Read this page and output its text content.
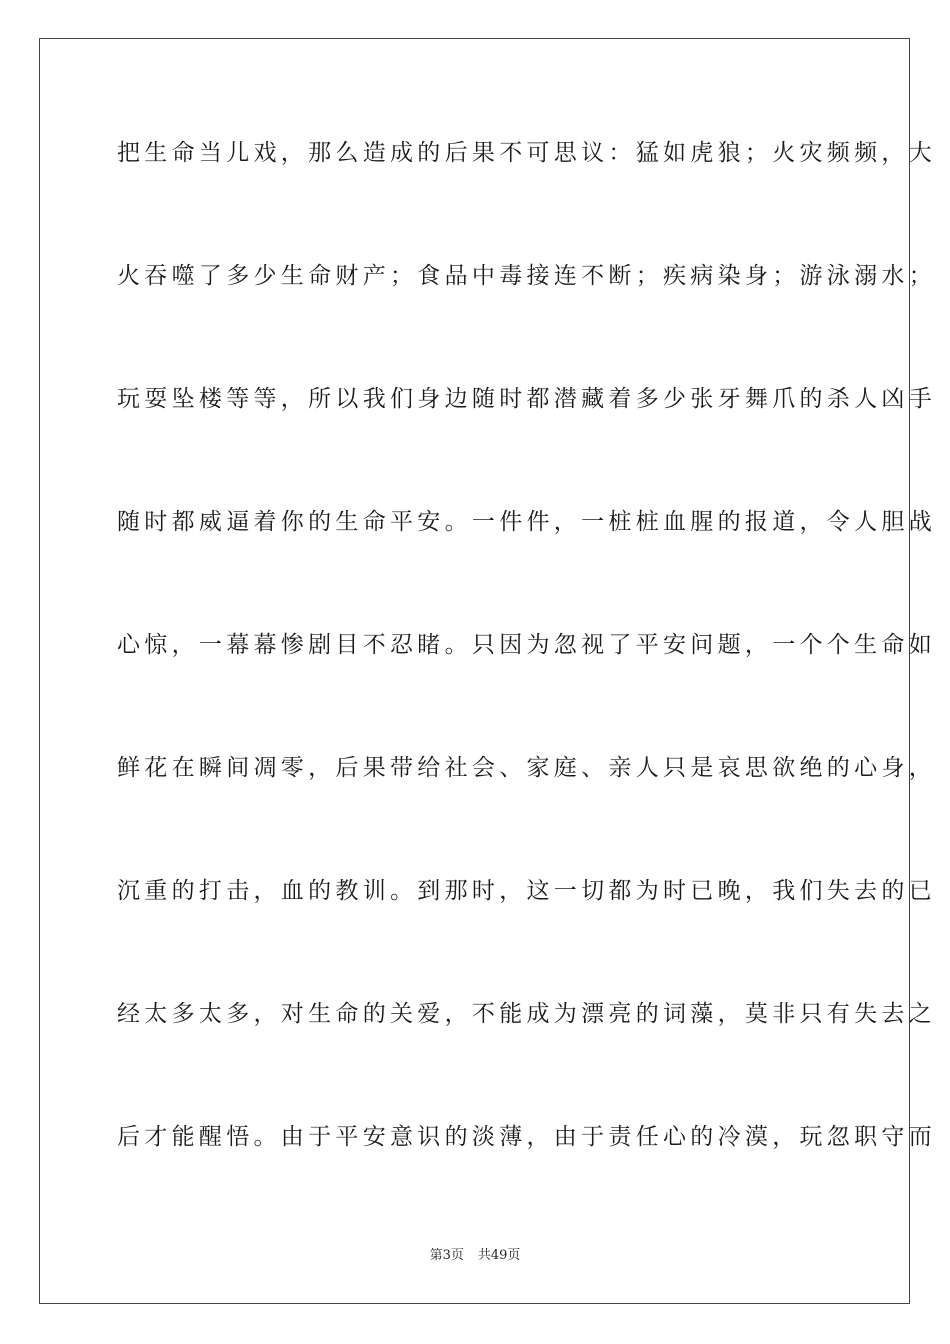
把生命当儿戏，那么造成的后果不可思议：猛如虎狼；火灾频频，大
火吞噬了多少生命财产；食品中毒接连不断；疾病染身；游泳溺水；
玩耍坠楼等等，所以我们身边随时都潜藏着多少张牙舞爪的杀人凶手
随时都威逼着你的生命平安。一件件，一桩桩血腥的报道，令人胆战
心惊，一幕幕惨剧目不忍睹。只因为忽视了平安问题，一个个生命如
鲜花在瞬间凋零，后果带给社会、家庭、亲人只是哀思欲绝的心身，
沉重的打击，血的教训。到那时，这一切都为时已晚，我们失去的已
经太多太多，对生命的关爱，不能成为漂亮的词藻，莫非只有失去之
后才能醒悟。由于平安意识的淡薄，由于责任心的冷漠，玩忽职守而
第3页 共49页
